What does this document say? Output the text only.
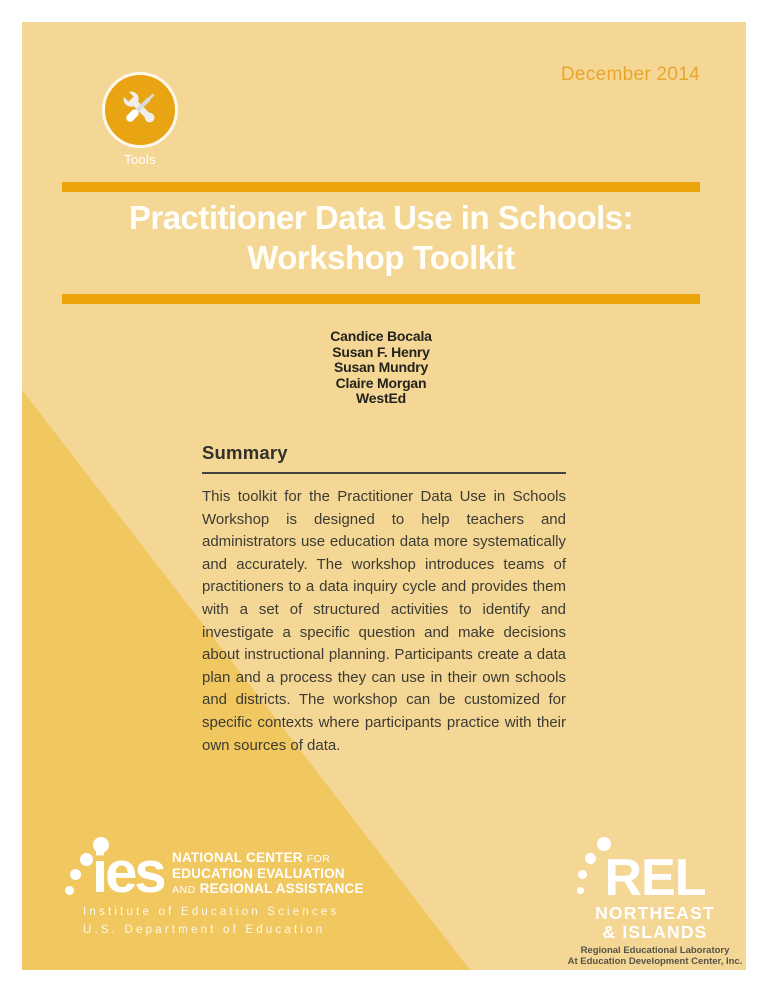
Tools
December 2014
Practitioner Data Use in Schools:
Workshop Toolkit
Candice Bocala
Susan F. Henry
Susan Mundry
Claire Morgan
WestEd
Summary

This toolkit for the Practitioner Data Use in Schools Workshop is designed to help teachers and administrators use education data more systematically and accurately. The workshop introduces teams of practitioners to a data inquiry cycle and provides them with a set of structured activities to identify and investigate a specific question and make decisions about instructional planning. Participants create a data plan and a process they can use in their own schools and districts. The workshop can be customized for specific contexts where participants practice with their own sources of data.

ies NATIONAL CENTER FOR
EDUCATION EVALUATION
AND REGIONAL ASSISTANCE
Institute of Education Sciences
U.S. Department of Education
REL
NORTHEAST
& ISLANDS
Regional Educational Laboratory
At Education Development Center, Inc.
